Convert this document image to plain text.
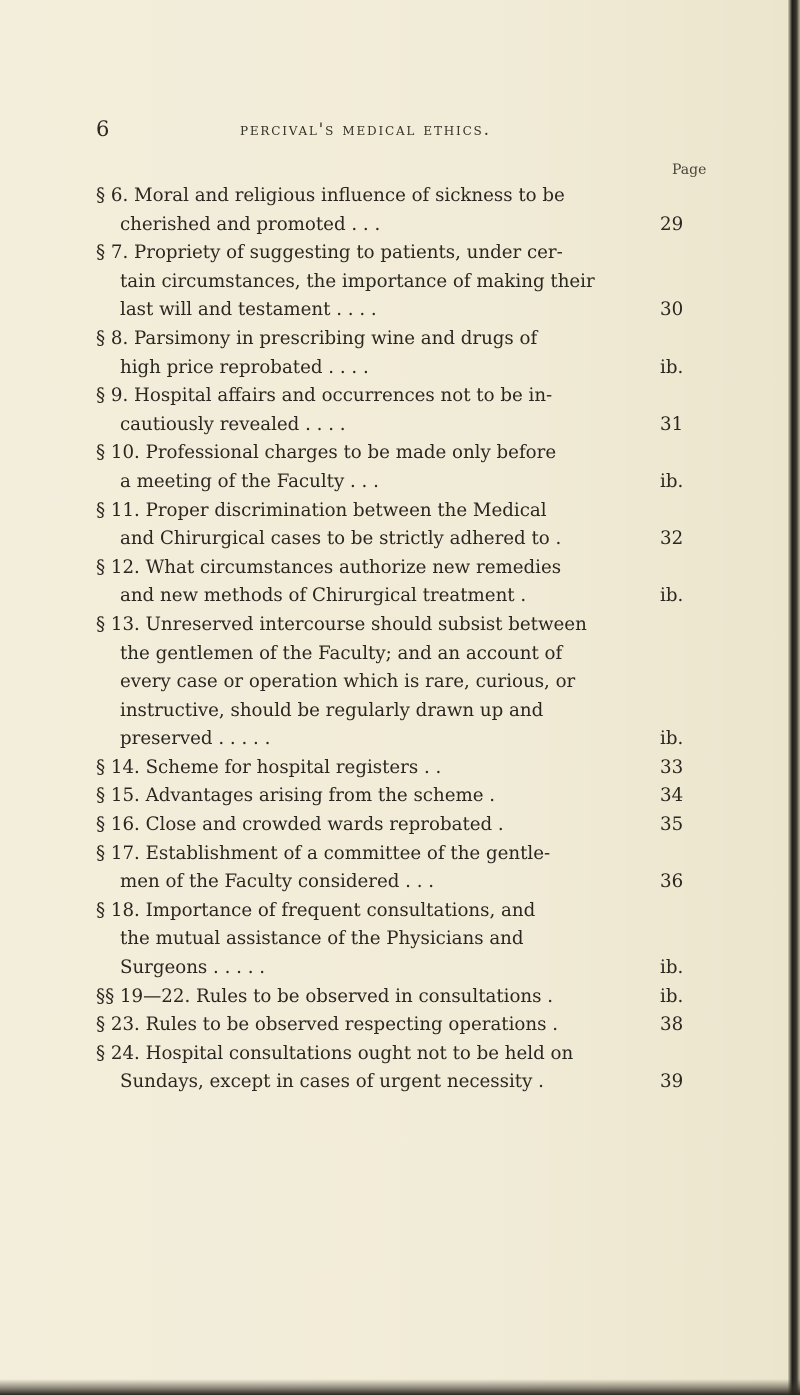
6	percival's medical ethics.
Page
§ 6. Moral and religious influence of sickness to be
cherished and promoted . . .	29
§ 7. Propriety of suggesting to patients, under cer-
tain circumstances, the importance of making their
last will and testament . . . .	30
§ 8. Parsimony in prescribing wine and drugs of
high price reprobated . . . .	ib.
§ 9. Hospital affairs and occurrences not to be in-
cautiously revealed . . . .	31
§ 10. Professional charges to be made only before
a meeting of the Faculty . . .	ib.
§ 11. Proper discrimination between the Medical
and Chirurgical cases to be strictly adhered to .	32
§ 12. What circumstances authorize new remedies
and new methods of Chirurgical treatment .	ib.
§ 13. Unreserved intercourse should subsist between
the gentlemen of the Faculty; and an account of
every case or operation which is rare, curious, or
instructive, should be regularly drawn up and
preserved . . . . .	ib.
§ 14. Scheme for hospital registers . .	33
§ 15. Advantages arising from the scheme .	34
§ 16. Close and crowded wards reprobated .	35
§ 17. Establishment of a committee of the gentle-
men of the Faculty considered . . .	36
§ 18. Importance of frequent consultations, and
the mutual assistance of the Physicians and
Surgeons . . . . .	ib.
§§ 19—22. Rules to be observed in consultations .	ib.
§ 23. Rules to be observed respecting operations .	38
§ 24. Hospital consultations ought not to be held on
Sundays, except in cases of urgent necessity .	39
